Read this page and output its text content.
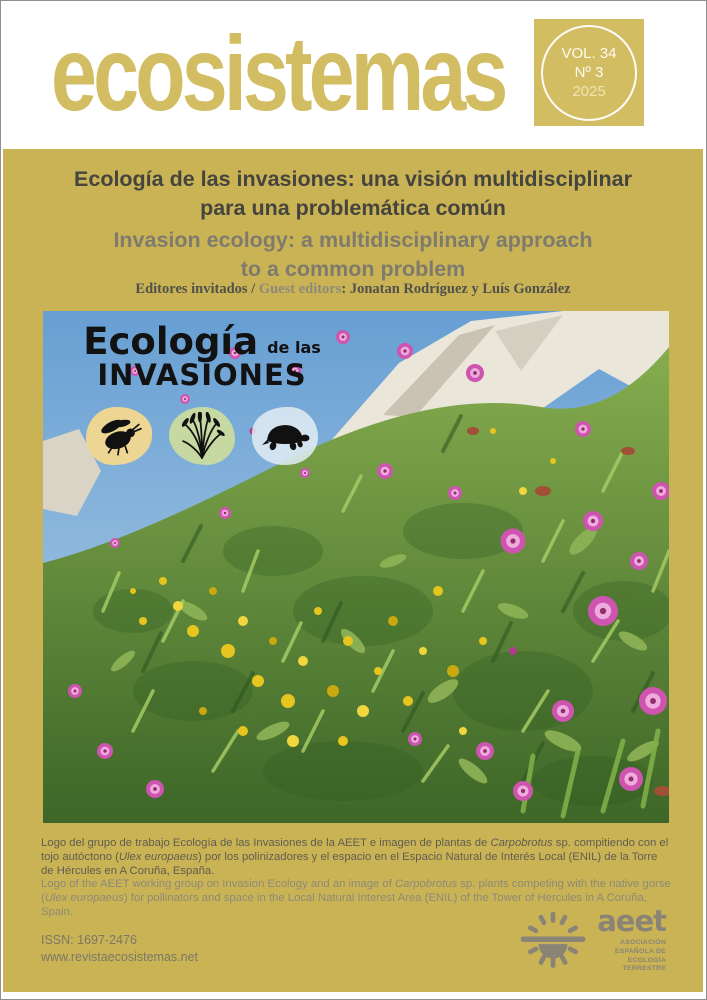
ecosistemas	VOL. 34
Nº 3
2025
Ecología de las invasiones: una visión multidisciplinar
para una problemática común
Invasion ecology: a multidisciplinary approach
to a common problem

Editores invitados / Guest editors: Jonatan Rodríguez y Luís González

Ecología de las
INVASIONES

Logo del grupo de trabajo Ecología de las Invasiones de la AEET e imagen de plantas de Carpobrotus sp. compitiendo con el tojo autóctono (Ulex europaeus) por los polinizadores y el espacio en el Espacio Natural de Interés Local (ENIL) de la Torre de Hércules en A Coruña, España.

Logo of the AEET working group on Invasion Ecology and an image of Carpobrotus sp. plants competing with the native gorse (Ulex europaeus) for pollinators and space in the Local Natural Interest Area (ENIL) of the Tower of Hercules in A Coruña, Spain.

ISSN: 1697-2476
www.revistaecosistemas.net
aeet
ASOCIACIÓN
ESPAÑOLA DE
ECOLOGÍA
TERRESTRE
